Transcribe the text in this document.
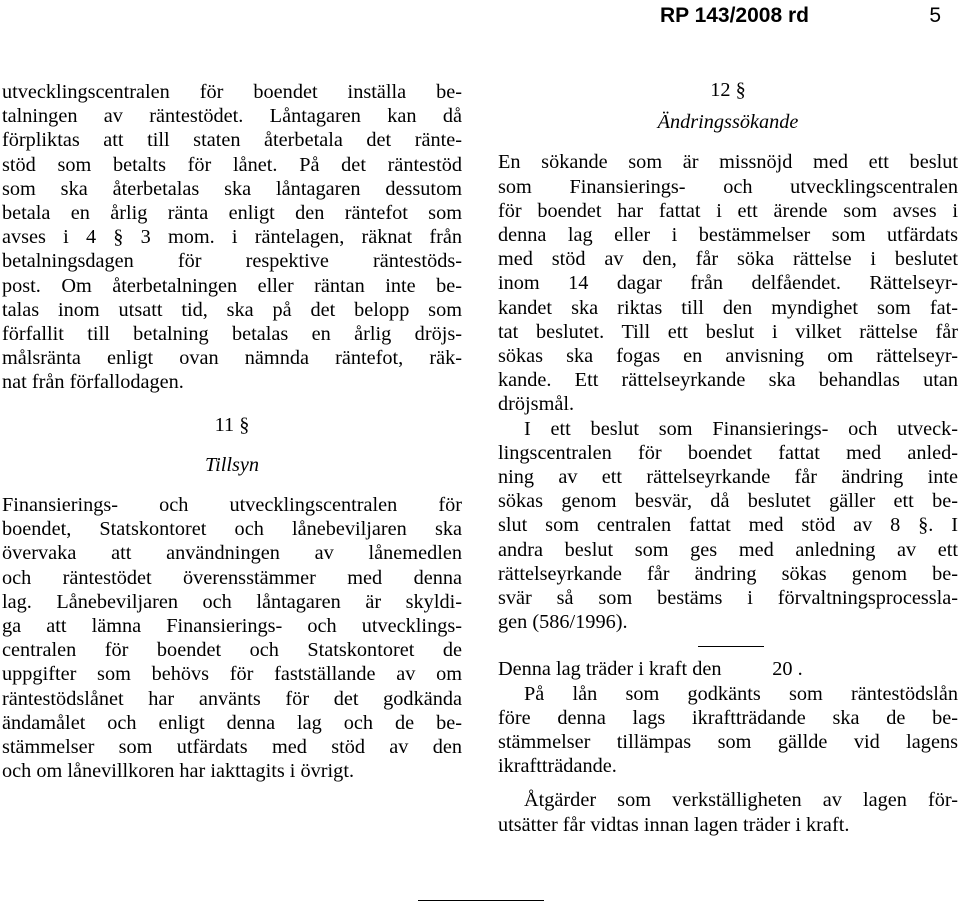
RP 143/2008 rd	5

utvecklingscentralen för boendet inställa be-

talningen av räntestödet. Låntagaren kan då

förpliktas att till staten återbetala det ränte-

stöd som betalts för lånet. På det räntestöd

som ska återbetalas ska låntagaren dessutom

betala en årlig ränta enligt den räntefot som

avses i 4 § 3 mom. i räntelagen, räknat från

betalningsdagen för respektive räntestöds-

post. Om återbetalningen eller räntan inte be-

talas inom utsatt tid, ska på det belopp som

förfallit till betalning betalas en årlig dröjs-

målsränta enligt ovan nämnda räntefot, räk-

nat från förfallodagen.

11 §

Tillsyn

Finansierings- och utvecklingscentralen för

boendet, Statskontoret och lånebeviljaren ska

övervaka att användningen av lånemedlen

och räntestödet överensstämmer med denna

lag. Lånebeviljaren och låntagaren är skyldi-

ga att lämna Finansierings- och utvecklings-

centralen för boendet och Statskontoret de

uppgifter som behövs för fastställande av om

räntestödslånet har använts för det godkända

ändamålet och enligt denna lag och de be-

stämmelser som utfärdats med stöd av den

och om lånevillkoren har iakttagits i övrigt.

12 §

Ändringssökande

En sökande som är missnöjd med ett beslut

som Finansierings- och utvecklingscentralen

för boendet har fattat i ett ärende som avses i

denna lag eller i bestämmelser som utfärdats

med stöd av den, får söka rättelse i beslutet

inom 14 dagar från delfåendet. Rättelseyr-

kandet ska riktas till den myndighet som fat-

tat beslutet. Till ett beslut i vilket rättelse får

sökas ska fogas en anvisning om rättelseyr-

kande. Ett rättelseyrkande ska behandlas utan

dröjsmål.

I ett beslut som Finansierings- och utveck-

lingscentralen för boendet fattat med anled-

ning av ett rättelseyrkande får ändring inte

sökas genom besvär, då beslutet gäller ett be-

slut som centralen fattat med stöd av 8 §. I

andra beslut som ges med anledning av ett

rättelseyrkande får ändring sökas genom be-

svär så som bestäms i förvaltningsprocessla-

gen (586/1996).

Denna lag träder i kraft den          20 .

På lån som godkänts som räntestödslån

före denna lags ikraftträdande ska de be-

stämmelser tillämpas som gällde vid lagens

ikraftträdande.

Åtgärder som verkställigheten av lagen för-

utsätter får vidtas innan lagen träder i kraft.
